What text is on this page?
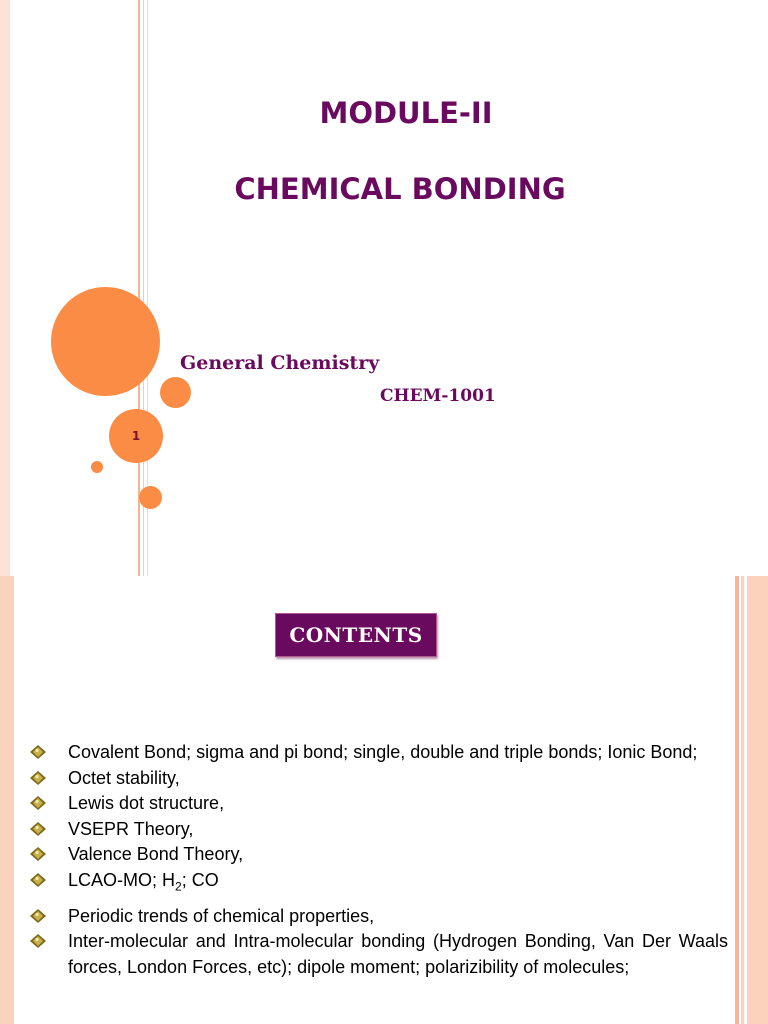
1
MODULE-II
CHEMICAL BONDING
General Chemistry
CHEM-1001
CONTENTS
Covalent Bond; sigma and pi bond; single, double and triple bonds; Ionic Bond;
Octet stability,
Lewis dot structure,
VSEPR Theory,
Valence Bond Theory,
LCAO-MO; $H_2$; CO
Periodic trends of chemical properties,
Inter-molecular and Intra-molecular bonding (Hydrogen Bonding, Van Der Waals forces, London Forces, etc); dipole moment; polarizibility of molecules;
